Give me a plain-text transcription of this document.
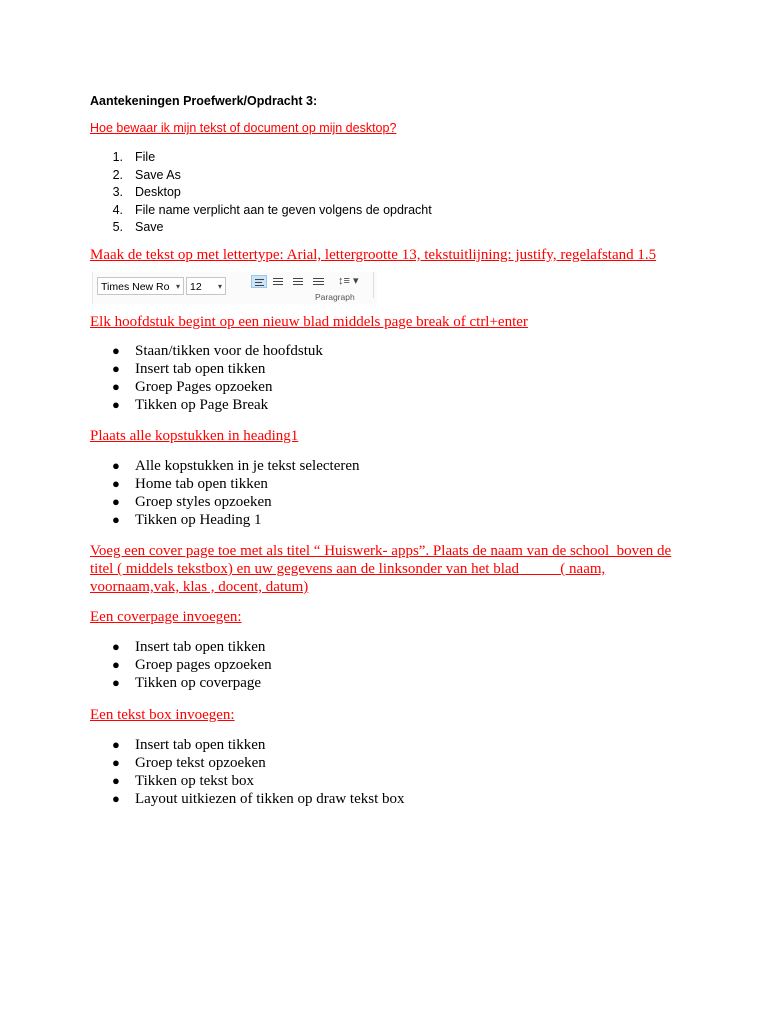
Aantekeningen Proefwerk/Opdracht 3:
Hoe bewaar ik mijn tekst of document op mijn desktop?
1. File
2. Save As
3. Desktop
4. File name verplicht aan te geven volgens de opdracht
5. Save
Maak de tekst op met lettertype: Arial, lettergrootte 13, tekstuitlijning: justify, regelafstand 1.5
Times New Ro ▾ 12 ▾	↕≡ ▾
Paragraph
Elk hoofdstuk begint op een nieuw blad middels page break of ctrl+enter
● Staan/tikken voor de hoofdstuk
● Insert tab open tikken
● Groep Pages opzoeken
● Tikken op Page Break
Plaats alle kopstukken in heading1
● Alle kopstukken in je tekst selecteren
● Home tab open tikken
● Groep styles opzoeken
● Tikken op Heading 1
Voeg een cover page toe met als titel “ Huiswerk- apps”. Plaats de naam van de school  boven de
titel ( middels tekstbox) en uw gegevens aan de linksonder van het blad           ( naam,
voornaam,vak, klas , docent, datum)
Een coverpage invoegen:
● Insert tab open tikken
● Groep pages opzoeken
● Tikken op coverpage
Een tekst box invoegen:
● Insert tab open tikken
● Groep tekst opzoeken
● Tikken op tekst box
● Layout uitkiezen of tikken op draw tekst box
